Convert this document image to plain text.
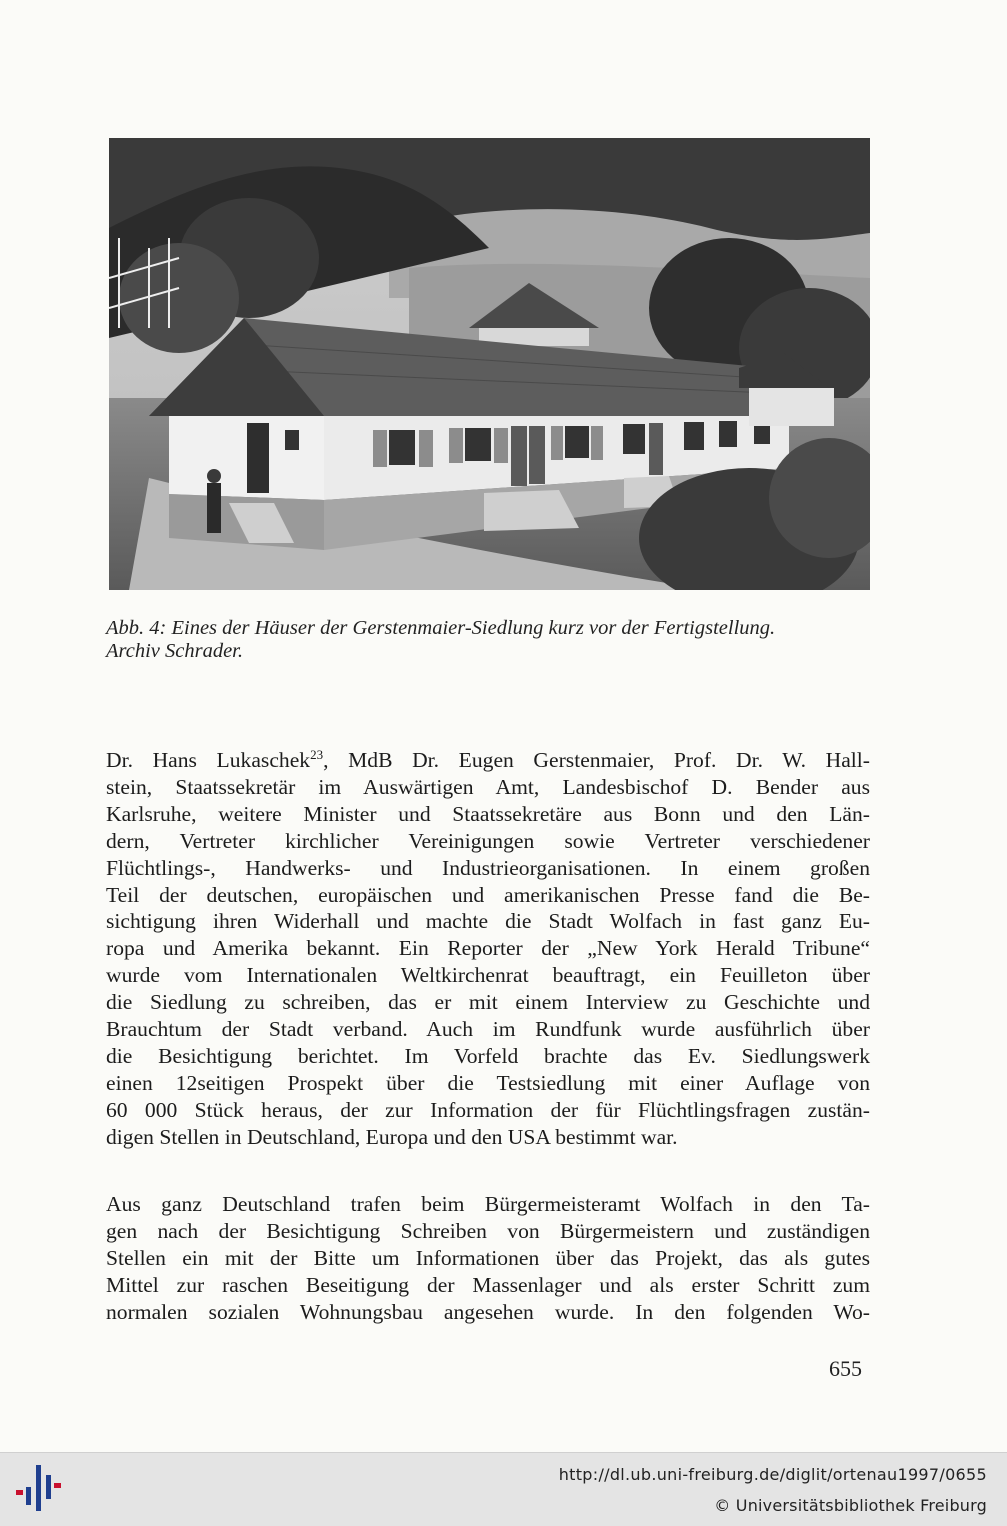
Abb. 4: Eines der Häuser der Gerstenmaier-Siedlung kurz vor der Fertigstellung.

Archiv Schrader.

Dr. Hans Lukaschek$^{23}$, MdB Dr. Eugen Gerstenmaier, Prof. Dr. W. Hall-
stein, Staatssekretär im Auswärtigen Amt, Landesbischof D. Bender aus
Karlsruhe, weitere Minister und Staatssekretäre aus Bonn und den Län-
dern, Vertreter kirchlicher Vereinigungen sowie Vertreter verschiedener
Flüchtlings-, Handwerks- und Industrieorganisationen. In einem großen
Teil der deutschen, europäischen und amerikanischen Presse fand die Be-
sichtigung ihren Widerhall und machte die Stadt Wolfach in fast ganz Eu-
ropa und Amerika bekannt. Ein Reporter der „New York Herald Tribune“
wurde vom Internationalen Weltkirchenrat beauftragt, ein Feuilleton über
die Siedlung zu schreiben, das er mit einem Interview zu Geschichte und
Brauchtum der Stadt verband. Auch im Rundfunk wurde ausführlich über
die Besichtigung berichtet. Im Vorfeld brachte das Ev. Siedlungswerk
einen 12seitigen Prospekt über die Testsiedlung mit einer Auflage von
60 000 Stück heraus, der zur Information der für Flüchtlingsfragen zustän-
digen Stellen in Deutschland, Europa und den USA bestimmt war.
Aus ganz Deutschland trafen beim Bürgermeisteramt Wolfach in den Ta-
gen nach der Besichtigung Schreiben von Bürgermeistern und zuständigen
Stellen ein mit der Bitte um Informationen über das Projekt, das als gutes
Mittel zur raschen Beseitigung der Massenlager und als erster Schritt zum
normalen sozialen Wohnungsbau angesehen wurde. In den folgenden Wo-
655
http://dl.ub.uni-freiburg.de/diglit/ortenau1997/0655
© Universitätsbibliothek Freiburg
